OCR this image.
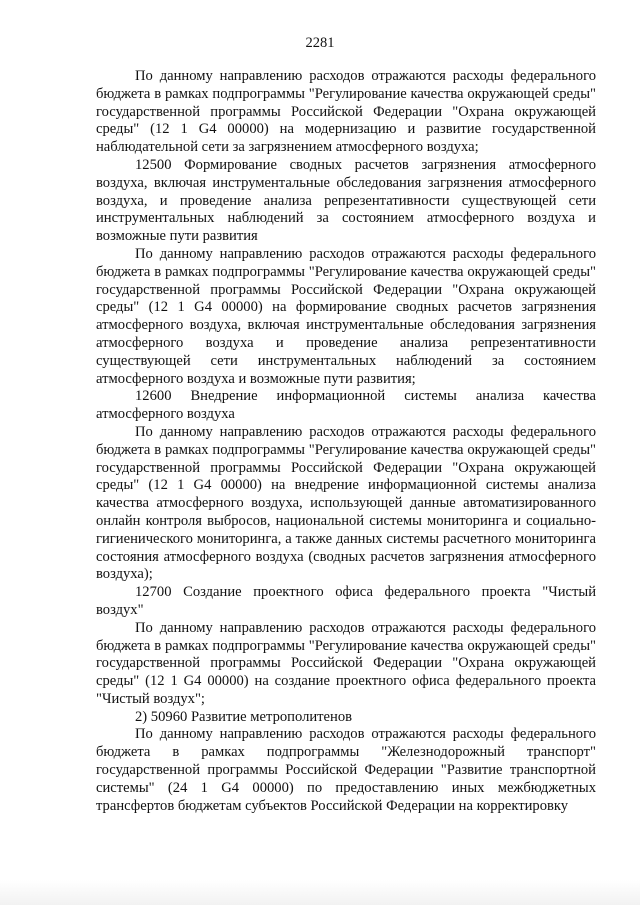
2281

По данному направлению расходов отражаются расходы федерального бюджета в рамках подпрограммы "Регулирование качества окружающей среды" государственной программы Российской Федерации "Охрана окружающей среды" (12 1 G4 00000) на модернизацию и развитие государственной наблюдательной сети за загрязнением атмосферного воздуха;

12500 Формирование сводных расчетов загрязнения атмосферного воздуха, включая инструментальные обследования загрязнения атмосферного воздуха, и проведение анализа репрезентативности существующей сети инструментальных наблюдений за состоянием атмосферного воздуха и возможные пути развития

По данному направлению расходов отражаются расходы федерального бюджета в рамках подпрограммы "Регулирование качества окружающей среды" государственной программы Российской Федерации "Охрана окружающей среды" (12 1 G4 00000) на формирование сводных расчетов загрязнения атмосферного воздуха, включая инструментальные обследования загрязнения атмосферного воздуха и проведение анализа репрезентативности существующей сети инструментальных наблюдений за состоянием атмосферного воздуха и возможные пути развития;

12600 Внедрение информационной системы анализа качества атмосферного воздуха

По данному направлению расходов отражаются расходы федерального бюджета в рамках подпрограммы "Регулирование качества окружающей среды" государственной программы Российской Федерации "Охрана окружающей среды" (12 1 G4 00000) на внедрение информационной системы анализа качества атмосферного воздуха, использующей данные автоматизированного онлайн контроля выбросов, национальной системы мониторинга и социально-гигиенического мониторинга, а также данных системы расчетного мониторинга состояния атмосферного воздуха (сводных расчетов загрязнения атмосферного воздуха);

12700 Создание проектного офиса федерального проекта "Чистый воздух"

По данному направлению расходов отражаются расходы федерального бюджета в рамках подпрограммы "Регулирование качества окружающей среды" государственной программы Российской Федерации "Охрана окружающей среды" (12 1 G4 00000) на создание проектного офиса федерального проекта "Чистый воздух";

2) 50960 Развитие метрополитенов

По данному направлению расходов отражаются расходы федерального бюджета в рамках подпрограммы "Железнодорожный транспорт" государственной программы Российской Федерации "Развитие транспортной системы" (24 1 G4 00000) по предоставлению иных межбюджетных трансфертов бюджетам субъектов Российской Федерации на корректировку
